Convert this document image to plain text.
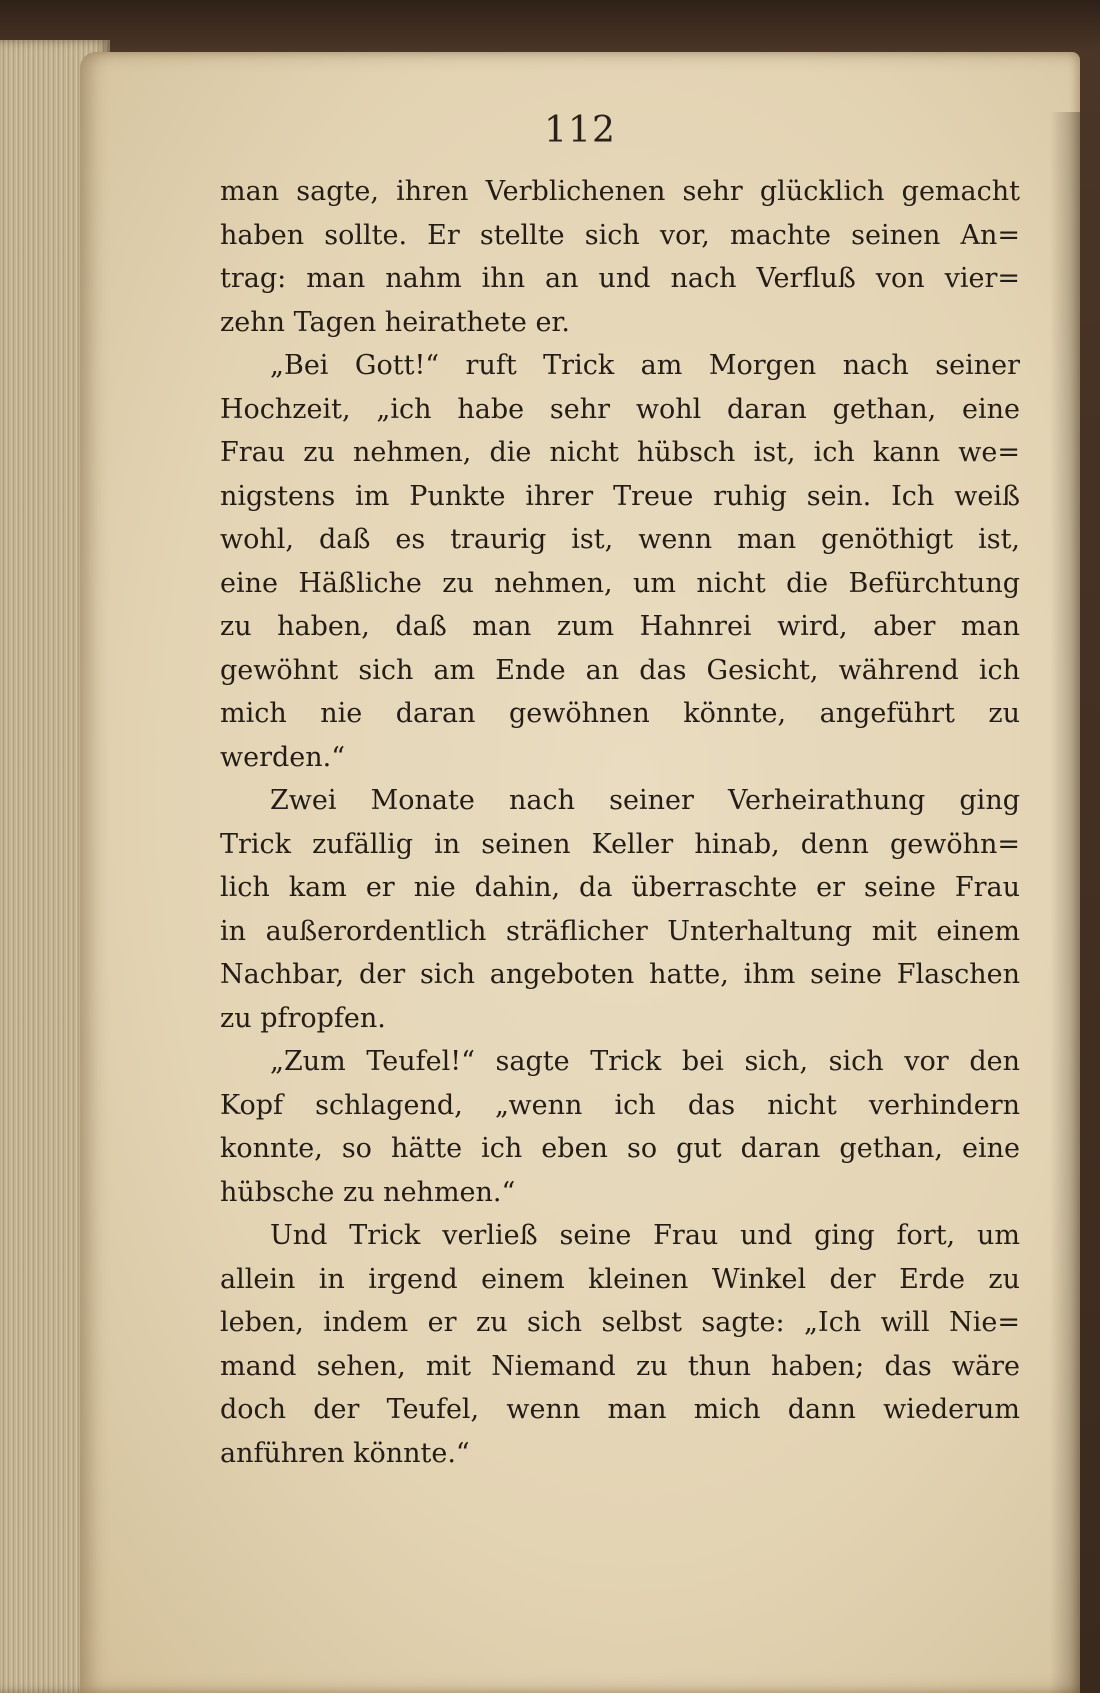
112
man sagte, ihren Verblichenen sehr glücklich gemacht
haben sollte. Er stellte sich vor, machte seinen An=
trag: man nahm ihn an und nach Verfluß von vier=
zehn Tagen heirathete er.
„Bei Gott!“ ruft Trick am Morgen nach seiner
Hochzeit, „ich habe sehr wohl daran gethan, eine
Frau zu nehmen, die nicht hübsch ist, ich kann we=
nigstens im Punkte ihrer Treue ruhig sein. Ich weiß
wohl, daß es traurig ist, wenn man genöthigt ist,
eine Häßliche zu nehmen, um nicht die Befürchtung
zu haben, daß man zum Hahnrei wird, aber man
gewöhnt sich am Ende an das Gesicht, während ich
mich nie daran gewöhnen könnte, angeführt zu
werden.“
Zwei Monate nach seiner Verheirathung ging
Trick zufällig in seinen Keller hinab, denn gewöhn=
lich kam er nie dahin, da überraschte er seine Frau
in außerordentlich sträflicher Unterhaltung mit einem
Nachbar, der sich angeboten hatte, ihm seine Flaschen
zu pfropfen.
„Zum Teufel!“ sagte Trick bei sich, sich vor den
Kopf schlagend, „wenn ich das nicht verhindern
konnte, so hätte ich eben so gut daran gethan, eine
hübsche zu nehmen.“
Und Trick verließ seine Frau und ging fort, um
allein in irgend einem kleinen Winkel der Erde zu
leben, indem er zu sich selbst sagte: „Ich will Nie=
mand sehen, mit Niemand zu thun haben; das wäre
doch der Teufel, wenn man mich dann wiederum
anführen könnte.“
